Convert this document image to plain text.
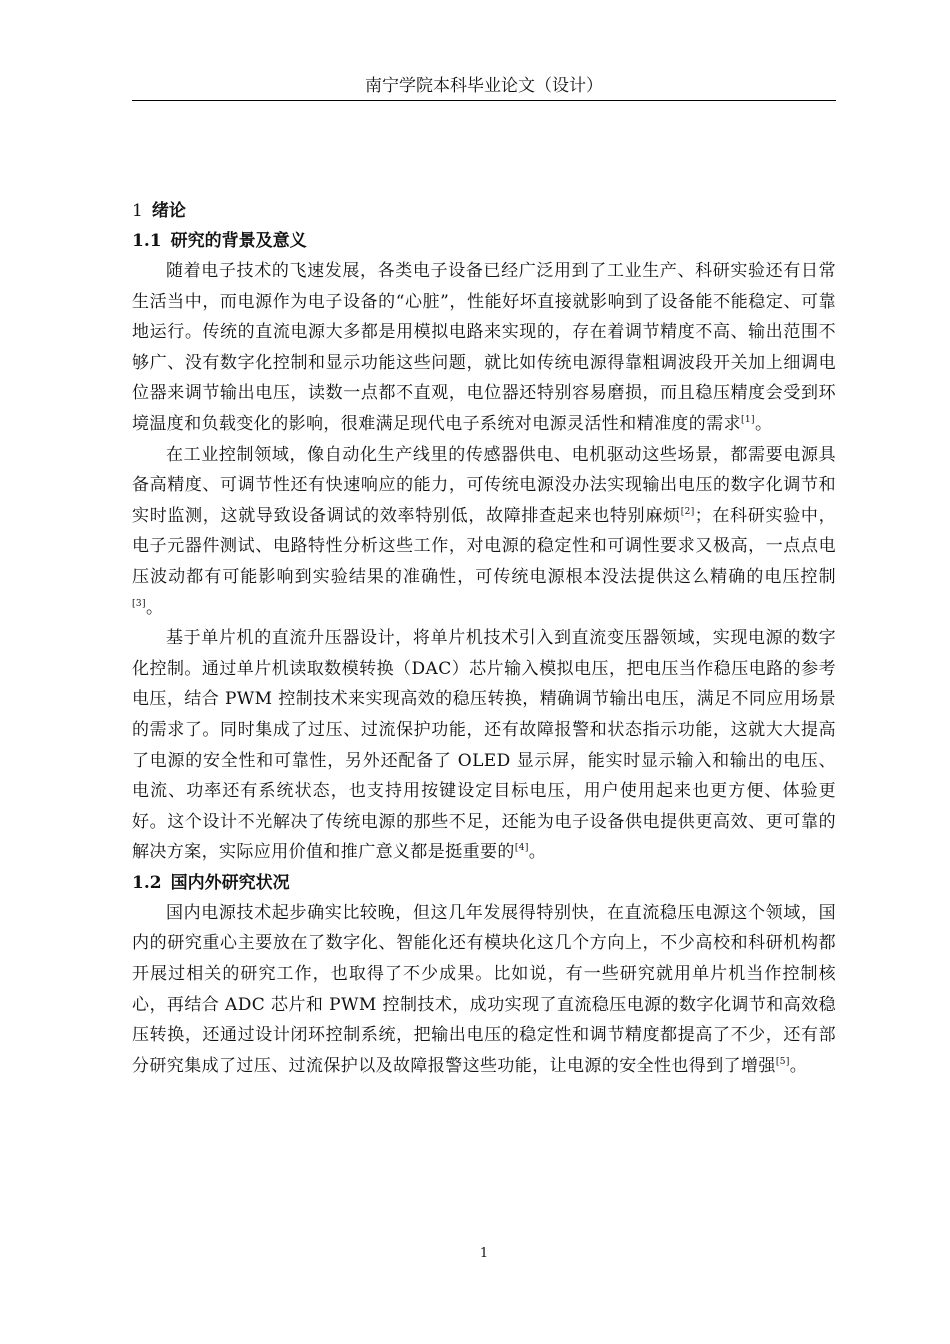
南宁学院本科毕业论文（设计）

1 绪论

1.1 研究的背景及意义

随着电子技术的飞速发展，各类电子设备已经广泛用到了工业生产、科研实验还有日常生活当中，而电源作为电子设备的“心脏”，性能好坏直接就影响到了设备能不能稳定、可靠地运行。传统的直流电源大多都是用模拟电路来实现的，存在着调节精度不高、输出范围不够广、没有数字化控制和显示功能这些问题，就比如传统电源得靠粗调波段开关加上细调电位器来调节输出电压，读数一点都不直观，电位器还特别容易磨损，而且稳压精度会受到环境温度和负载变化的影响，很难满足现代电子系统对电源灵活性和精准度的需求[1]。

在工业控制领域，像自动化生产线里的传感器供电、电机驱动这些场景，都需要电源具备高精度、可调节性还有快速响应的能力，可传统电源没办法实现输出电压的数字化调节和实时监测，这就导致设备调试的效率特别低，故障排查起来也特别麻烦[2]；在科研实验中，电子元器件测试、电路特性分析这些工作，对电源的稳定性和可调性要求又极高，一点点电压波动都有可能影响到实验结果的准确性，可传统电源根本没法提供这么精确的电压控制[3]。

基于单片机的直流升压器设计，将单片机技术引入到直流变压器领域，实现电源的数字化控制。通过单片机读取数模转换（DAC）芯片输入模拟电压，把电压当作稳压电路的参考电压，结合 PWM 控制技术来实现高效的稳压转换，精确调节输出电压，满足不同应用场景的需求了。同时集成了过压、过流保护功能，还有故障报警和状态指示功能，这就大大提高了电源的安全性和可靠性，另外还配备了 OLED 显示屏，能实时显示输入和输出的电压、电流、功率还有系统状态，也支持用按键设定目标电压，用户使用起来也更方便、体验更好。这个设计不光解决了传统电源的那些不足，还能为电子设备供电提供更高效、更可靠的解决方案，实际应用价值和推广意义都是挺重要的[4]。

1.2 国内外研究状况

国内电源技术起步确实比较晚，但这几年发展得特别快，在直流稳压电源这个领域，国内的研究重心主要放在了数字化、智能化还有模块化这几个方向上，不少高校和科研机构都开展过相关的研究工作，也取得了不少成果。比如说，有一些研究就用单片机当作控制核心，再结合 ADC 芯片和 PWM 控制技术，成功实现了直流稳压电源的数字化调节和高效稳压转换，还通过设计闭环控制系统，把输出电压的稳定性和调节精度都提高了不少，还有部分研究集成了过压、过流保护以及故障报警这些功能，让电源的安全性也得到了增强[5]。

1
